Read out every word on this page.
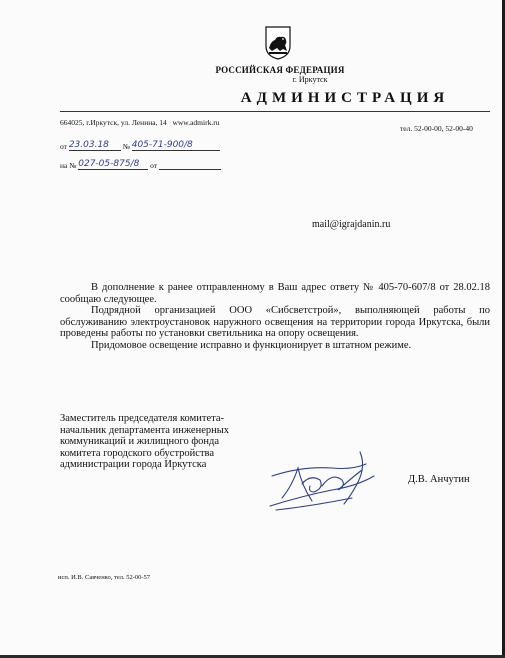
РОССИЙСКАЯ ФЕДЕРАЦИЯ
г. Иркутск
АДМИНИСТРАЦИЯ
664025, г.Иркутск, ул. Ленина, 14 www.admirk.ru
тел. 52-00-00, 52-00-40
от 23.03.18 № 405-71-900/8
на № 027-05-875/8 от
mail@igrajdanin.ru

В дополнение к ранее отправленному в Ваш адрес ответу № 405-70-607/8 от 28.02.18 сообщаю следующее.

Подрядной организацией ООО «Сибсветстрой», выполняющей работы по обслуживанию электроустановок наружного освещения на территории города Иркутска, были проведены работы по установки светильника на опору освещения.

Придомовое освещение исправно и функционирует в штатном режиме.

Заместитель председателя комитета-
начальник департамента инженерных
коммуникаций и жилищного фонда
комитета городского обустройства
администрации города Иркутска
Д.В. Анчутин
исп. И.В. Савченко, тел. 52-00-57
